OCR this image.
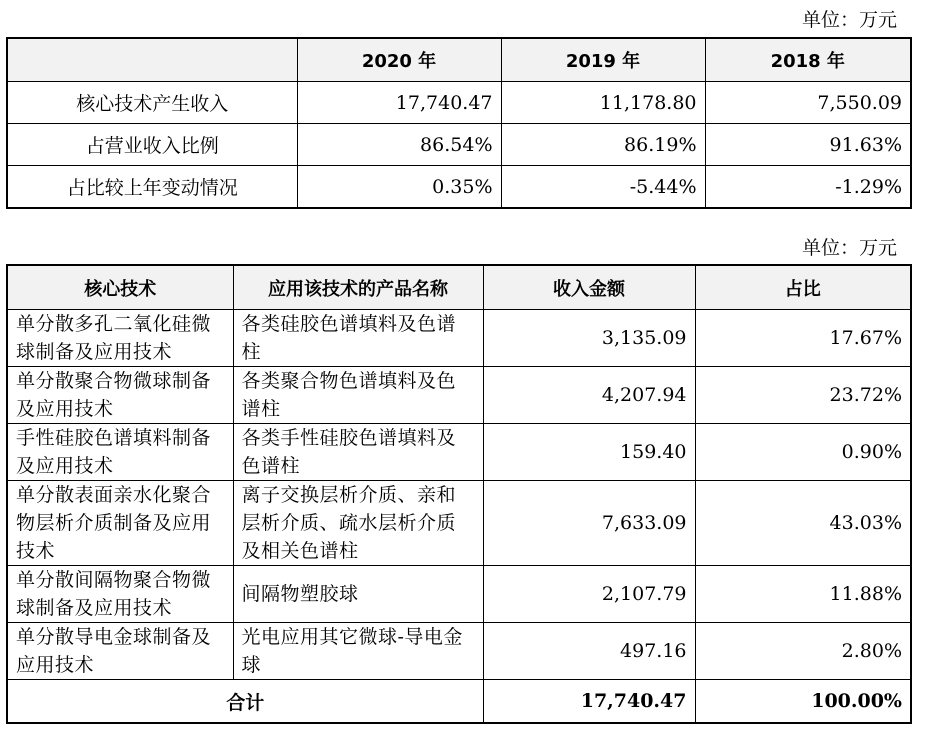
单位：万元
	2020 年	2019 年	2018 年
核心技术产生收入	17,740.47	11,178.80	7,550.09
占营业收入比例	86.54%	86.19%	91.63%
占比较上年变动情况	0.35%	-5.44%	-1.29%
单位：万元
核心技术	应用该技术的产品名称	收入金额	占比
单分散多孔二氧化硅微球制备及应用技术	各类硅胶色谱填料及色谱柱	3,135.09	17.67%
单分散聚合物微球制备及应用技术	各类聚合物色谱填料及色谱柱	4,207.94	23.72%
手性硅胶色谱填料制备及应用技术	各类手性硅胶色谱填料及色谱柱	159.40	0.90%
单分散表面亲水化聚合物层析介质制备及应用技术	离子交换层析介质、亲和层析介质、疏水层析介质及相关色谱柱	7,633.09	43.03%
单分散间隔物聚合物微球制备及应用技术	间隔物塑胶球	2,107.79	11.88%
单分散导电金球制备及应用技术	光电应用其它微球-导电金球	497.16	2.80%
合计		17,740.47	100.00%
